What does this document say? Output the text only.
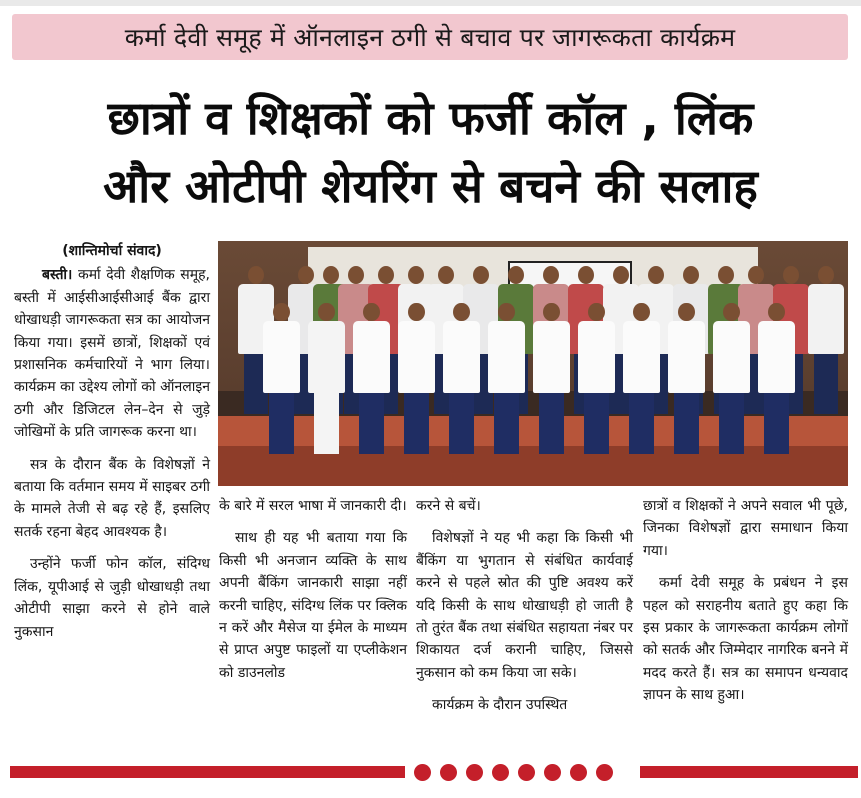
कर्मा देवी समूह में ऑनलाइन ठगी से बचाव पर जागरूकता कार्यक्रम
छात्रों व शिक्षकों को फर्जी कॉल , लिंक
और ओटीपी शेयरिंग से बचने की सलाह
(शान्तिमोर्चा संवाद)

बस्ती। कर्मा देवी शैक्षणिक समूह, बस्ती में आईसीआईसीआई बैंक द्वारा धोखाधड़ी जागरूकता सत्र का आयोजन किया गया। इसमें छात्रों, शिक्षकों एवं प्रशासनिक कर्मचारियों ने भाग लिया। कार्यक्रम का उद्देश्य लोगों को ऑनलाइन ठगी और डिजिटल लेन–देन से जुड़े जोखिमों के प्रति जागरूक करना था।

सत्र के दौरान बैंक के विशेषज्ञों ने बताया कि वर्तमान समय में साइबर ठगी के मामले तेजी से बढ़ रहे हैं, इसलिए सतर्क रहना बेहद आवश्यक है।

उन्होंने फर्जी फोन कॉल, संदिग्ध लिंक, यूपीआई से जुड़ी धोखाधड़ी तथा ओटीपी साझा करने से होने वाले नुकसान

के बारे में सरल भाषा में जानकारी दी।

साथ ही यह भी बताया गया कि किसी भी अनजान व्यक्ति के साथ अपनी बैंकिंग जानकारी साझा नहीं करनी चाहिए, संदिग्ध लिंक पर क्लिक न करें और मैसेज या ईमेल के माध्यम से प्राप्त अपुष्ट फाइलों या एप्लीकेशन को डाउनलोड

करने से बचें।

विशेषज्ञों ने यह भी कहा कि किसी भी बैंकिंग या भुगतान से संबंधित कार्यवाई करने से पहले स्रोत की पुष्टि अवश्य करें यदि किसी के साथ धोखाधड़ी हो जाती है तो तुरंत बैंक तथा संबंधित सहायता नंबर पर शिकायत दर्ज करानी चाहिए, जिससे नुकसान को कम किया जा सके।

कार्यक्रम के दौरान उपस्थित

छात्रों व शिक्षकों ने अपने सवाल भी पूछे, जिनका विशेषज्ञों द्वारा समाधान किया गया।

कर्मा देवी समूह के प्रबंधन ने इस पहल को सराहनीय बताते हुए कहा कि इस प्रकार के जागरूकता कार्यक्रम लोगों को सतर्क और जिम्मेदार नागरिक बनने में मदद करते हैं। सत्र का समापन धन्यवाद ज्ञापन के साथ हुआ।
